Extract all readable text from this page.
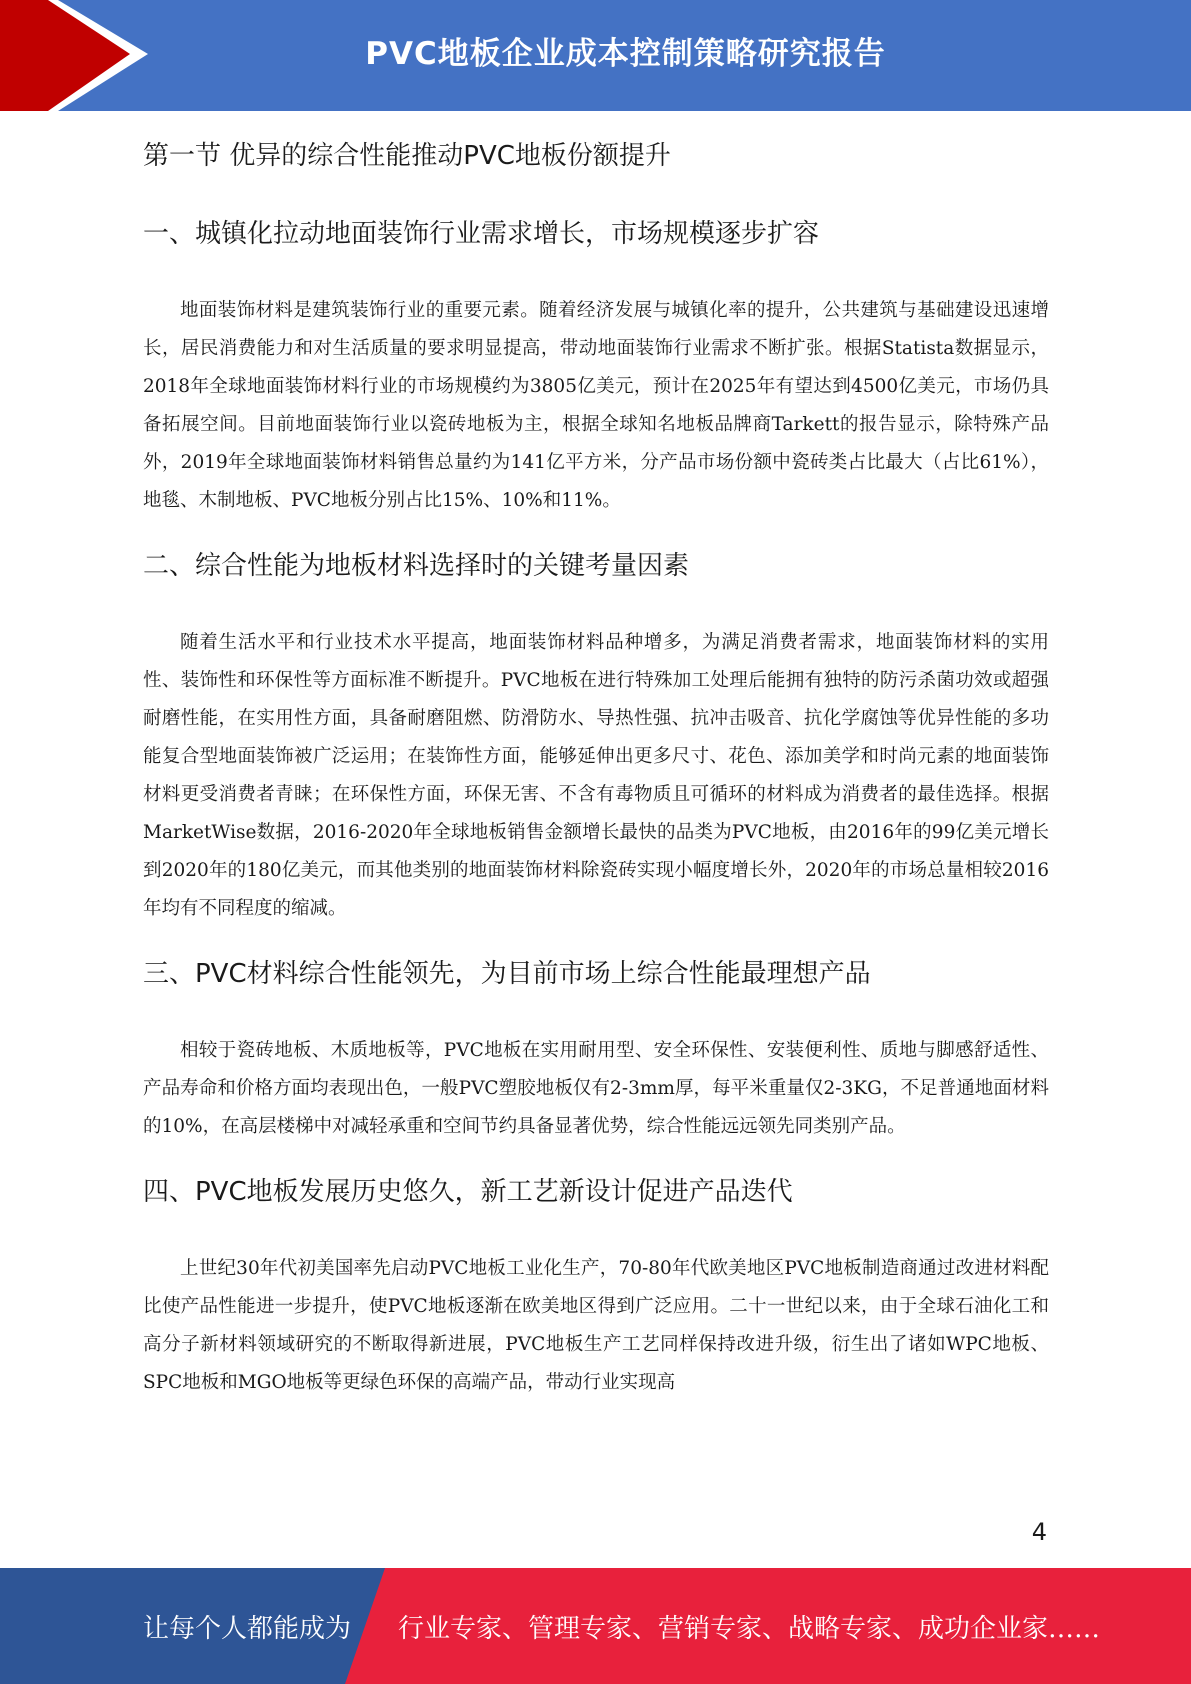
PVC地板企业成本控制策略研究报告
第一节 优异的综合性能推动PVC地板份额提升
一、城镇化拉动地面装饰行业需求增长，市场规模逐步扩容

地面装饰材料是建筑装饰行业的重要元素。随着经济发展与城镇化率的提升，公共建筑与基础建设迅速增长，居民消费能力和对生活质量的要求明显提高，带动地面装饰行业需求不断扩张。根据Statista数据显示，2018年全球地面装饰材料行业的市场规模约为3805亿美元，预计在2025年有望达到4500亿美元，市场仍具备拓展空间。目前地面装饰行业以瓷砖地板为主，根据全球知名地板品牌商Tarkett的报告显示，除特殊产品外，2019年全球地面装饰材料销售总量约为141亿平方米，分产品市场份额中瓷砖类占比最大（占比61%），地毯、木制地板、PVC地板分别占比15%、10%和11%。

二、综合性能为地板材料选择时的关键考量因素

随着生活水平和行业技术水平提高，地面装饰材料品种增多，为满足消费者需求，地面装饰材料的实用性、装饰性和环保性等方面标准不断提升。PVC地板在进行特殊加工处理后能拥有独特的防污杀菌功效或超强耐磨性能，在实用性方面，具备耐磨阻燃、防滑防水、导热性强、抗冲击吸音、抗化学腐蚀等优异性能的多功能复合型地面装饰被广泛运用；在装饰性方面，能够延伸出更多尺寸、花色、添加美学和时尚元素的地面装饰材料更受消费者青睐；在环保性方面，环保无害、不含有毒物质且可循环的材料成为消费者的最佳选择。根据MarketWise数据，2016-2020年全球地板销售金额增长最快的品类为PVC地板，由2016年的99亿美元增长到2020年的180亿美元，而其他类别的地面装饰材料除瓷砖实现小幅度增长外，2020年的市场总量相较2016年均有不同程度的缩减。

三、PVC材料综合性能领先，为目前市场上综合性能最理想产品

相较于瓷砖地板、木质地板等，PVC地板在实用耐用型、安全环保性、安装便利性、质地与脚感舒适性、产品寿命和价格方面均表现出色，一般PVC塑胶地板仅有2-3mm厚，每平米重量仅2-3KG，不足普通地面材料的10%，在高层楼梯中对减轻承重和空间节约具备显著优势，综合性能远远领先同类别产品。

四、PVC地板发展历史悠久，新工艺新设计促进产品迭代

上世纪30年代初美国率先启动PVC地板工业化生产，70-80年代欧美地区PVC地板制造商通过改进材料配比使产品性能进一步提升，使PVC地板逐渐在欧美地区得到广泛应用。二十一世纪以来，由于全球石油化工和高分子新材料领域研究的不断取得新进展，PVC地板生产工艺同样保持改进升级，衍生出了诸如WPC地板、SPC地板和MGO地板等更绿色环保的高端产品，带动行业实现高

4
让每个人都能成为 行业专家、管理专家、营销专家、战略专家、成功企业家……
